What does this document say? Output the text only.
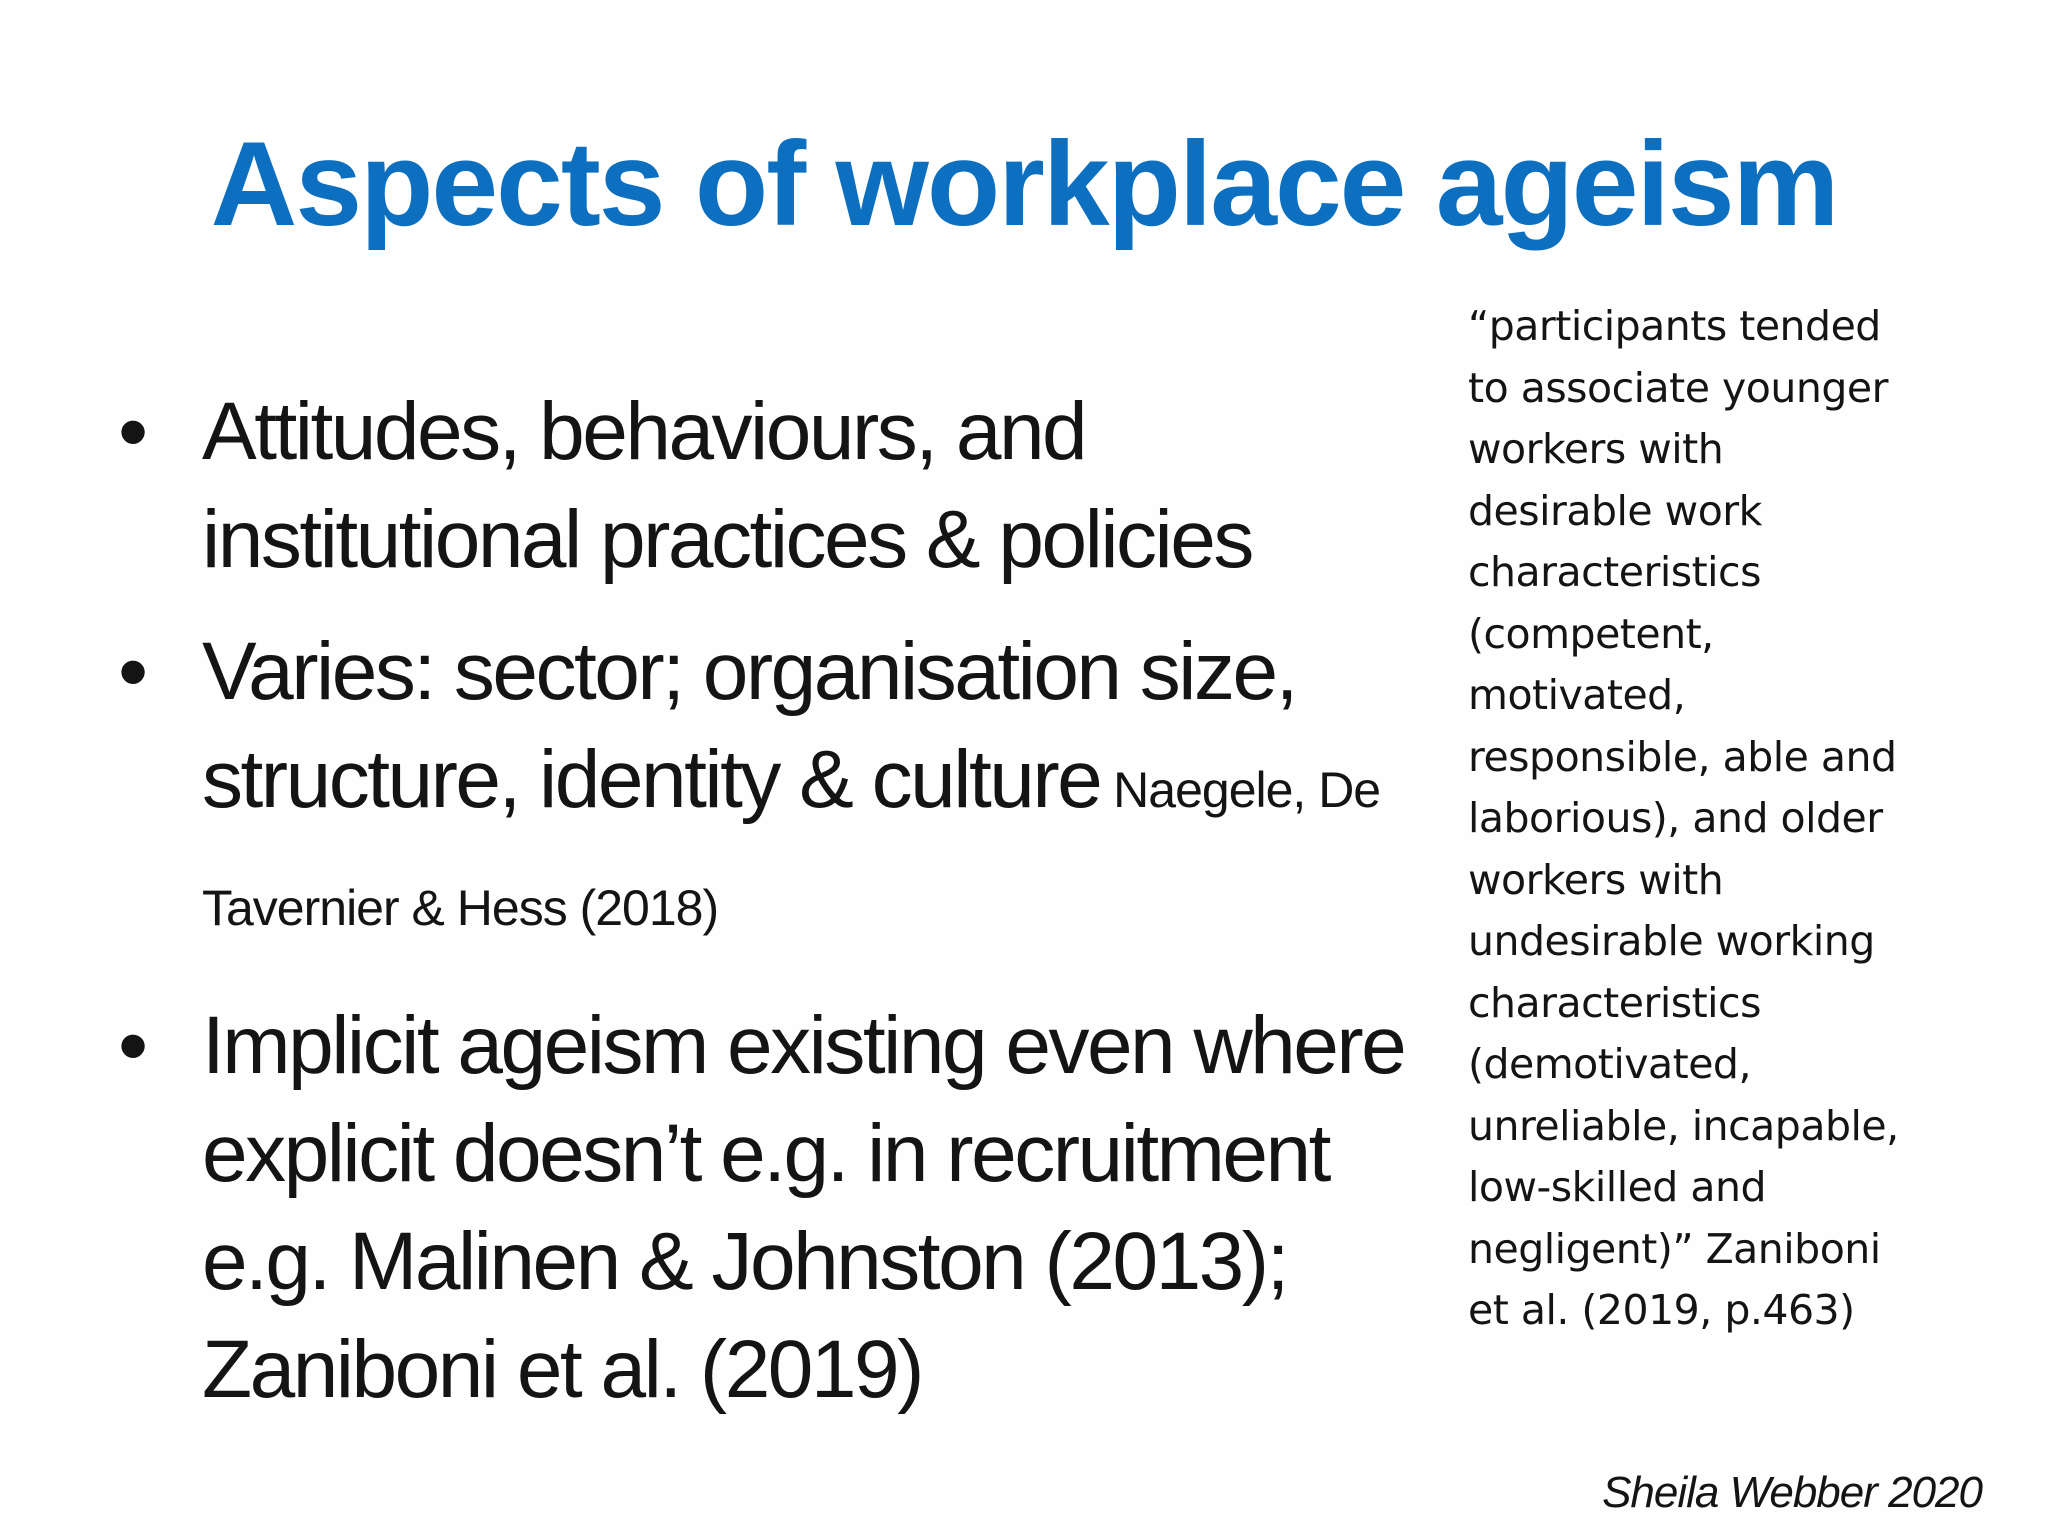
Aspects of workplace ageism
• Attitudes, behaviours, and
institutional practices & policies
• Varies: sector; organisation size,
structure, identity & culture Naegele, De Tavernier & Hess (2018)
• Implicit ageism existing even where
explicit doesn’t e.g. in recruitment
e.g. Malinen & Johnston (2013);
Zaniboni et al. (2019)
“participants tended
to associate younger
workers with
desirable work
characteristics
(competent,
motivated,
responsible, able and
laborious), and older
workers with
undesirable working
characteristics
(demotivated,
unreliable, incapable,
low-skilled and
negligent)” Zaniboni
et al. (2019, p.463)
Sheila Webber 2020
